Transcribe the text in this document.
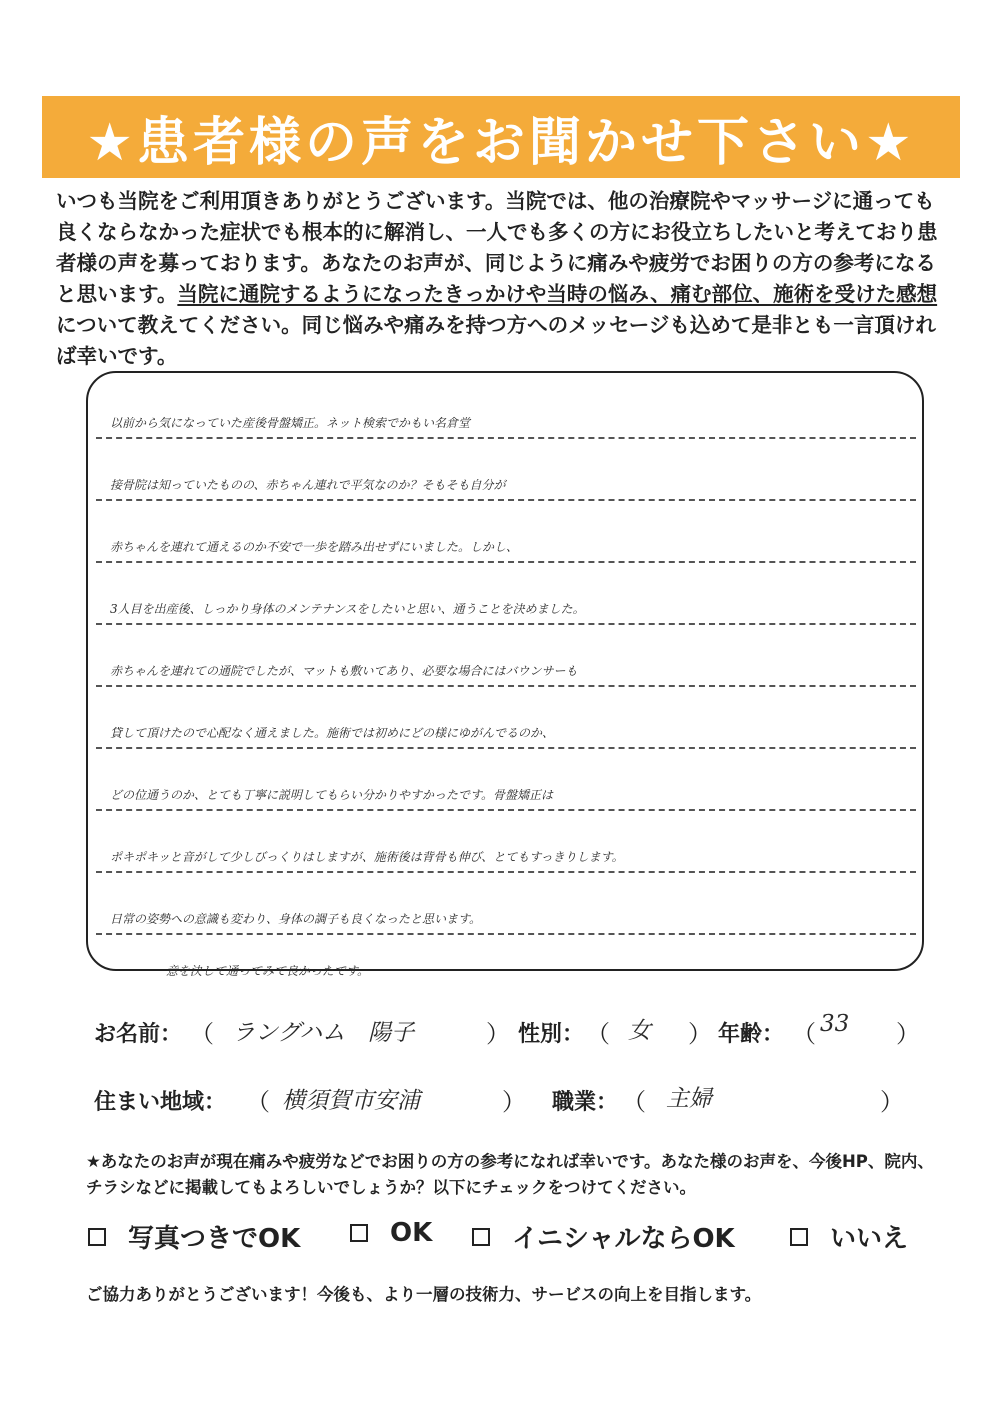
★患者様の声をお聞かせ下さい★
いつも当院をご利用頂きありがとうございます。当院では、他の治療院やマッサージに通っても良くならなかった症状でも根本的に解消し、一人でも多くの方にお役立ちしたいと考えており患者様の声を募っております。あなたのお声が、同じように痛みや疲労でお困りの方の参考になると思います。当院に通院するようになったきっかけや当時の悩み、痛む部位、施術を受けた感想について教えてください。同じ悩みや痛みを持つ方へのメッセージも込めて是非とも一言頂ければ幸いです。
以前から気になっていた産後骨盤矯正。ネット検索でかもい名倉堂
接骨院は知っていたものの、赤ちゃん連れで平気なのか？そもそも自分が
赤ちゃんを連れて通えるのか不安で一歩を踏み出せずにいました。しかし、
3人目を出産後、しっかり身体のメンテナンスをしたいと思い、通うことを決めました。
赤ちゃんを連れての通院でしたが、マットも敷いてあり、必要な場合にはバウンサーも
貸して頂けたので心配なく通えました。施術では初めにどの様にゆがんでるのか、
どの位通うのか、とても丁寧に説明してもらい分かりやすかったです。骨盤矯正は
ポキポキッと音がして少しびっくりはしますが、施術後は背骨も伸び、とてもすっきりします。
日常の姿勢への意識も変わり、身体の調子も良くなったと思います。
意を決して通ってみて良かったです。
お名前： （ ラングハム　陽子	） 性別： （ 女 ） 年齢： （ 33 ）
住まい地域： （ 横須賀市安浦	） 職業： （ 主婦	）
★あなたのお声が現在痛みや疲労などでお困りの方の参考になれば幸いです。あなた様のお声を、今後HP、院内、チラシなどに掲載してもよろしいでしょうか？以下にチェックをつけてください。
写真つきでOK	OK	イニシャルならOK	いいえ
ご協力ありがとうございます！今後も、より一層の技術力、サービスの向上を目指します。
